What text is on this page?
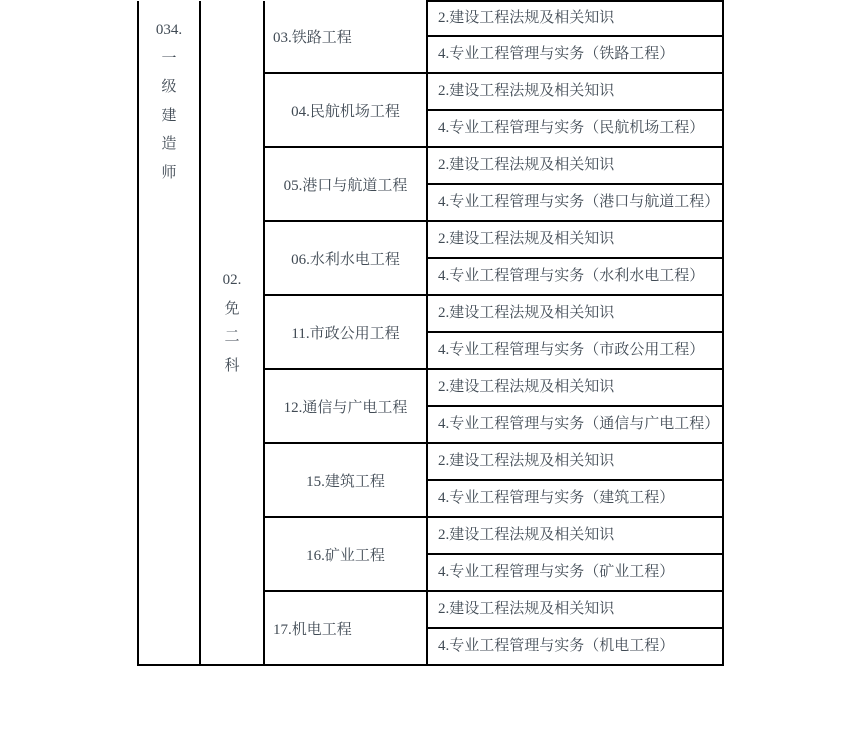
034.
一
级
建
造
师

02.
免
二
科
	03.铁路工程	2.建设工程法规及相关知识
			4.专业工程管理与实务（铁路工程）
		04.民航机场工程	2.建设工程法规及相关知识
			4.专业工程管理与实务（民航机场工程）
		05.港口与航道工程	2.建设工程法规及相关知识
			4.专业工程管理与实务（港口与航道工程）
		06.水利水电工程	2.建设工程法规及相关知识
			4.专业工程管理与实务（水利水电工程）
		11.市政公用工程	2.建设工程法规及相关知识
			4.专业工程管理与实务（市政公用工程）
		12.通信与广电工程	2.建设工程法规及相关知识
			4.专业工程管理与实务（通信与广电工程）
		15.建筑工程	2.建设工程法规及相关知识
			4.专业工程管理与实务（建筑工程）
		16.矿业工程	2.建设工程法规及相关知识
			4.专业工程管理与实务（矿业工程）
		17.机电工程	2.建设工程法规及相关知识
			4.专业工程管理与实务（机电工程）
